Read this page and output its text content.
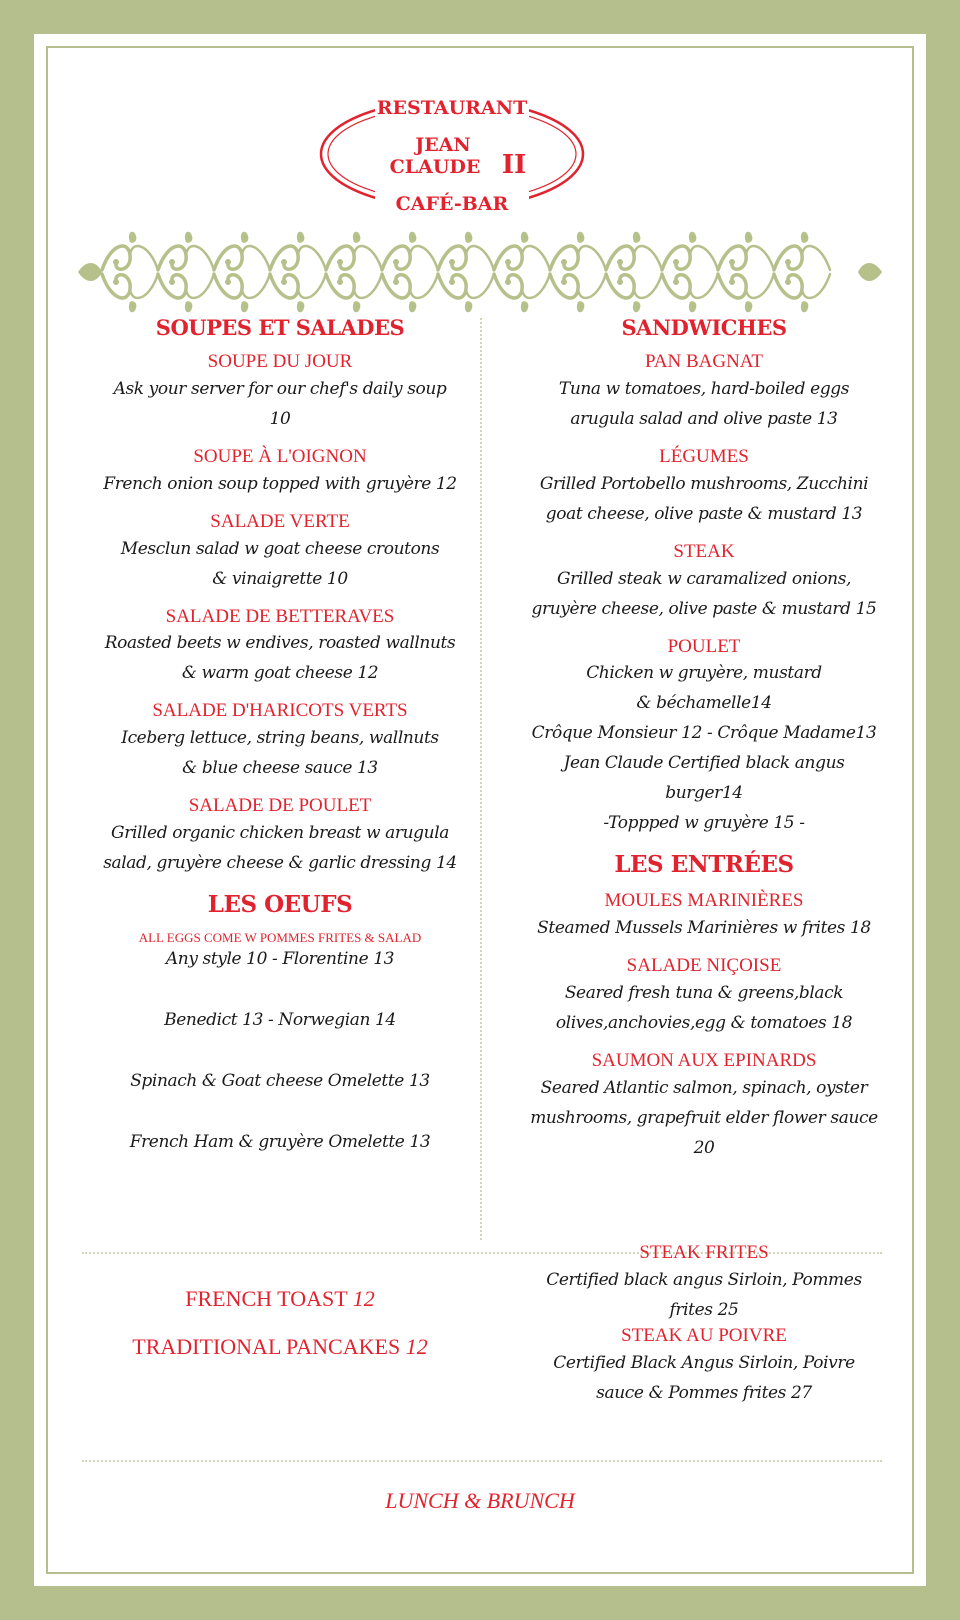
RESTAURANT
JEAN
CLAUDE II
CAFÉ-BAR
SOUPES ET SALADES
SOUPE DU JOUR
Ask your server for our chef's daily soup
10
SOUPE À L'OIGNON
French onion soup topped with gruyère 12
SALADE VERTE
Mesclun salad w goat cheese croutons
& vinaigrette 10
SALADE DE BETTERAVES
Roasted beets w endives, roasted wallnuts
& warm goat cheese 12
SALADE D'HARICOTS VERTS
Iceberg lettuce, string beans, wallnuts
& blue cheese sauce 13
SALADE DE POULET
Grilled organic chicken breast w arugula
salad, gruyère cheese & garlic dressing 14
LES OEUFS
ALL EGGS COME W POMMES FRITES & SALAD
Any style 10 - Florentine 13
Benedict 13 - Norwegian 14
Spinach & Goat cheese Omelette 13
French Ham & gruyère Omelette 13
SANDWICHES
PAN BAGNAT
Tuna w tomatoes, hard-boiled eggs
arugula salad and olive paste 13
LÉGUMES
Grilled Portobello mushrooms, Zucchini
goat cheese, olive paste & mustard 13
STEAK
Grilled steak w caramalized onions,
gruyère cheese, olive paste & mustard 15
POULET
Chicken w gruyère, mustard
& béchamelle14
Crôque Monsieur 12 - Crôque Madame13
Jean Claude Certified black angus
burger14
-Toppped w gruyère 15 -
LES ENTRÉES
MOULES MARINIÈRES
Steamed Mussels Marinières w frites 18
SALADE NIÇOISE
Seared fresh tuna & greens,black
olives,anchovies,egg & tomatoes 18
SAUMON AUX EPINARDS
Seared Atlantic salmon, spinach, oyster
mushrooms, grapefruit elder flower sauce
20
FRENCH TOAST 12
TRADITIONAL PANCAKES 12
STEAK FRITES
Certified black angus Sirloin, Pommes
frites 25
STEAK AU POIVRE
Certified Black Angus Sirloin, Poivre
sauce & Pommes frites 27
LUNCH & BRUNCH
